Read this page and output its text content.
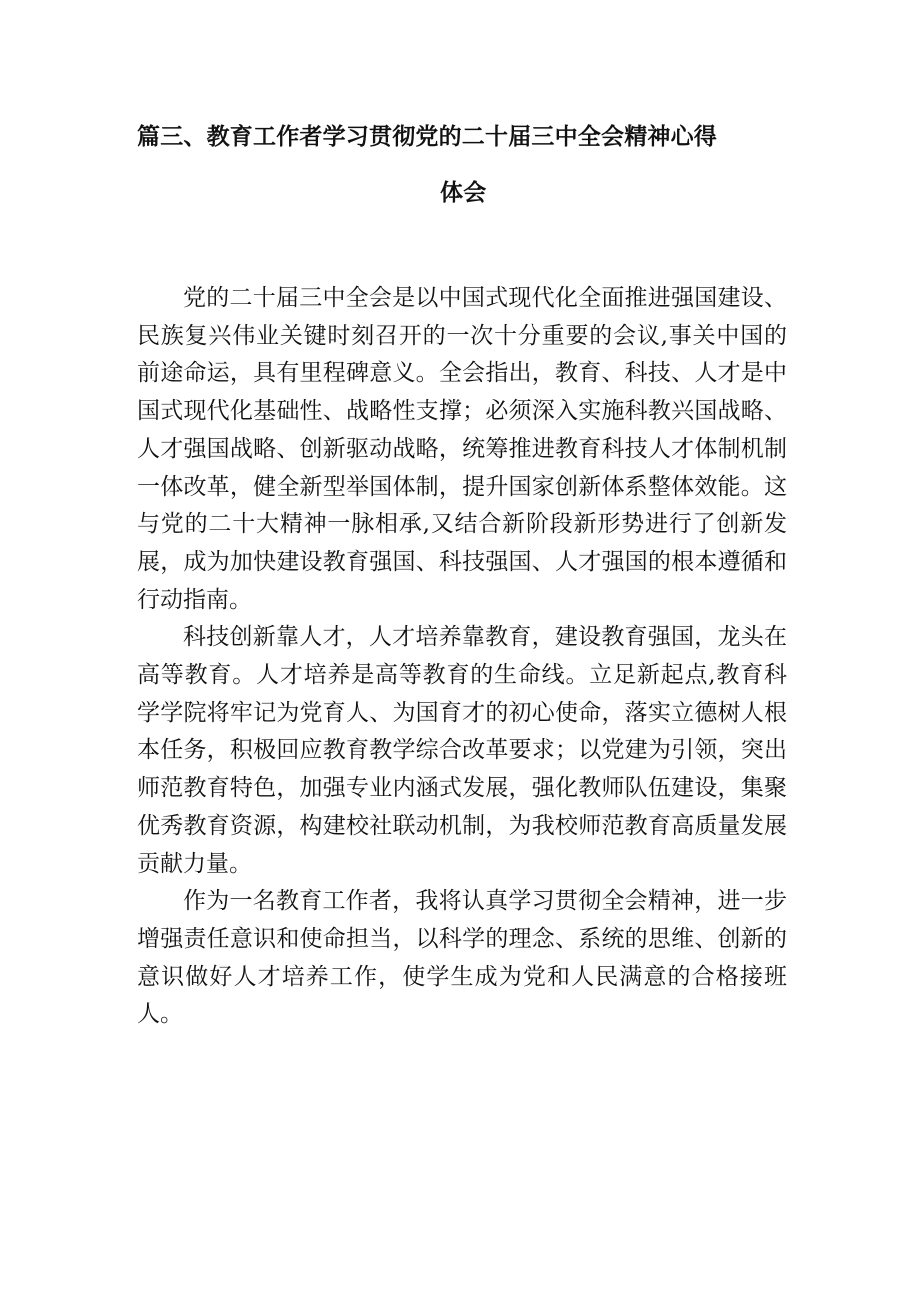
篇三、教育工作者学习贯彻党的二十届三中全会精神心得
体会

党的二十届三中全会是以中国式现代化全面推进强国建设、民族复兴伟业关键时刻召开的一次十分重要的会议,事关中国的前途命运，具有里程碑意义。全会指出，教育、科技、人才是中国式现代化基础性、战略性支撑；必须深入实施科教兴国战略、人才强国战略、创新驱动战略，统筹推进教育科技人才体制机制一体改革，健全新型举国体制，提升国家创新体系整体效能。这与党的二十大精神一脉相承,又结合新阶段新形势进行了创新发展，成为加快建设教育强国、科技强国、人才强国的根本遵循和行动指南。

科技创新靠人才，人才培养靠教育，建设教育强国，龙头在高等教育。人才培养是高等教育的生命线。立足新起点,教育科学学院将牢记为党育人、为国育才的初心使命，落实立德树人根本任务，积极回应教育教学综合改革要求；以党建为引领，突出师范教育特色，加强专业内涵式发展，强化教师队伍建设，集聚优秀教育资源，构建校社联动机制，为我校师范教育高质量发展贡献力量。

作为一名教育工作者，我将认真学习贯彻全会精神，进一步增强责任意识和使命担当，以科学的理念、系统的思维、创新的意识做好人才培养工作，使学生成为党和人民满意的合格接班人。
